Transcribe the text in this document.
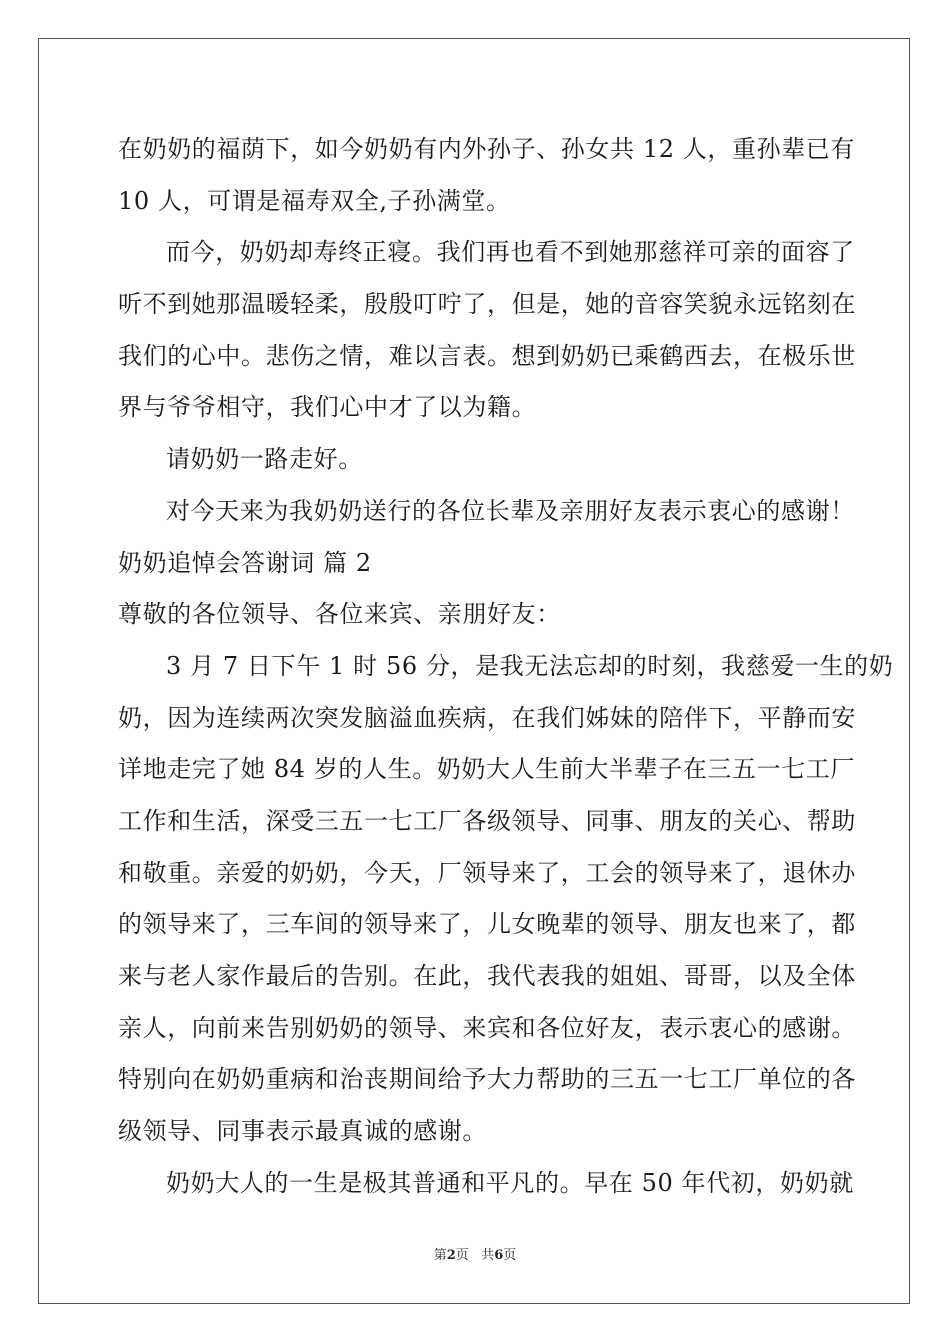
在奶奶的福荫下，如今奶奶有内外孙子、孙女共 12 人，重孙辈已有
10 人，可谓是福寿双全,子孙满堂。
而今，奶奶却寿终正寝。我们再也看不到她那慈祥可亲的面容了
听不到她那温暖轻柔，殷殷叮咛了，但是，她的音容笑貌永远铭刻在
我们的心中。悲伤之情，难以言表。想到奶奶已乘鹤西去，在极乐世
界与爷爷相守，我们心中才了以为籍。
请奶奶一路走好。
对今天来为我奶奶送行的各位长辈及亲朋好友表示衷心的感谢！
奶奶追悼会答谢词 篇 2
尊敬的各位领导、各位来宾、亲朋好友：
3 月 7 日下午 1 时 56 分，是我无法忘却的时刻，我慈爱一生的奶
奶，因为连续两次突发脑溢血疾病，在我们姊妹的陪伴下，平静而安
详地走完了她 84 岁的人生。奶奶大人生前大半辈子在三五一七工厂
工作和生活，深受三五一七工厂各级领导、同事、朋友的关心、帮助
和敬重。亲爱的奶奶，今天，厂领导来了，工会的领导来了，退休办
的领导来了，三车间的领导来了，儿女晚辈的领导、朋友也来了，都
来与老人家作最后的告别。在此，我代表我的姐姐、哥哥，以及全体
亲人，向前来告别奶奶的领导、来宾和各位好友，表示衷心的感谢。
特别向在奶奶重病和治丧期间给予大力帮助的三五一七工厂单位的各
级领导、同事表示最真诚的感谢。
奶奶大人的一生是极其普通和平凡的。早在 50 年代初，奶奶就
第2页 共6页
